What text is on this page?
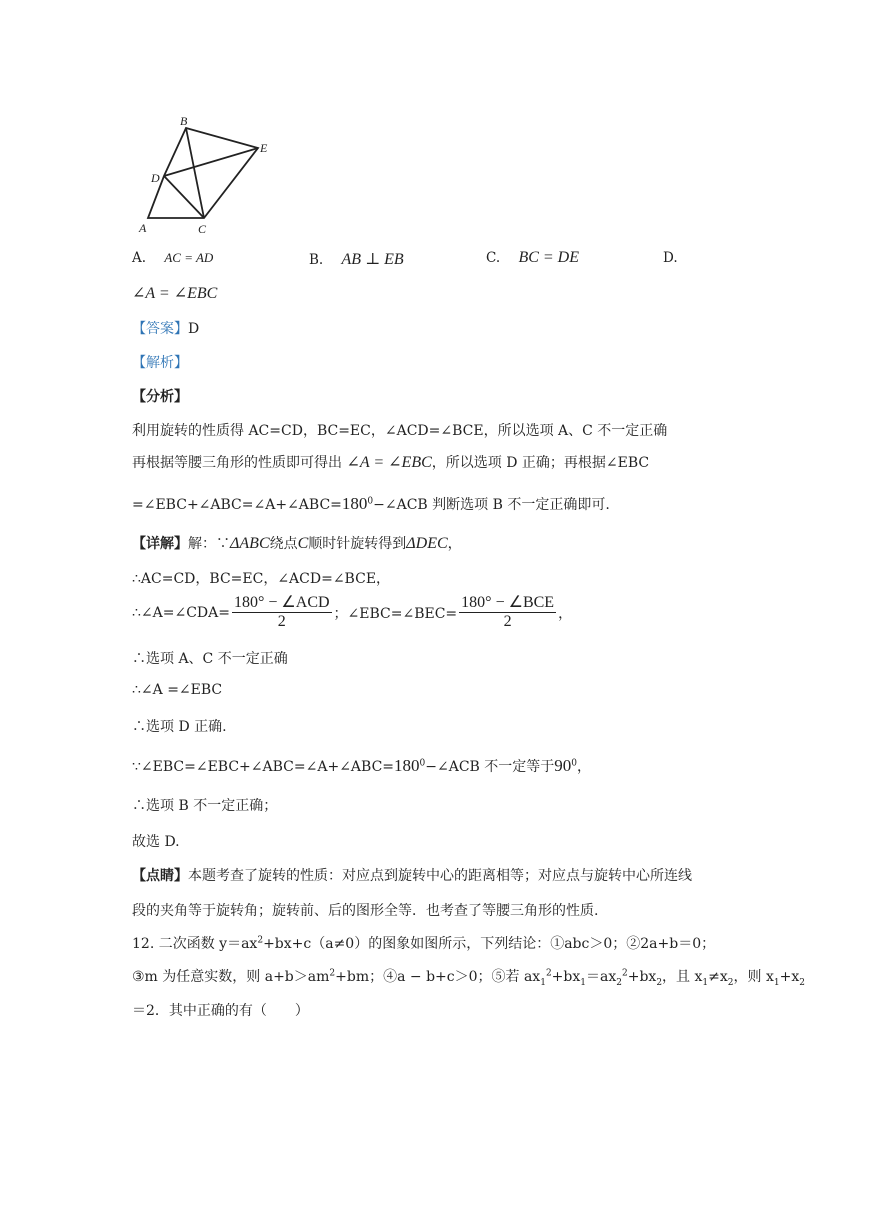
A
B
C
D
E
A. AC = AD	B. AB ⊥ EB	C. BC = DE	D.
∠A = ∠EBC
【答案】D
【解析】
【分析】
利用旋转的性质得 AC=CD，BC=EC，∠ACD=∠BCE，所以选项 A、C 不一定正确
再根据等腰三角形的性质即可得出 ∠A = ∠EBC，所以选项 D 正确；再根据∠EBC
$=\angle EBC+\angle ABC=\angle A+\angle ABC=180^0-\angle ACB$ 判断选项 B 不一定正确即可.
【详解】解：∵ΔABC绕点C顺时针旋转得到ΔDEC，
∴AC=CD，BC=EC，∠ACD=∠BCE，
∴∠A=∠CDA= $\frac{\text{180° − ∠ACD}}{2}$ ；∠EBC=∠BEC= $\frac{\text{180° − ∠BCE}}{2}$ ，
∴选项 A、C 不一定正确
∴∠A =∠EBC
∴选项 D 正确.
$\because\angle EBC=\angle EBC+\angle ABC=\angle A+\angle ABC=180^0-\angle ACB$ 不一定等于$90^0$，
∴选项 B 不一定正确；
故选 D.
【点睛】本题考查了旋转的性质：对应点到旋转中心的距离相等；对应点与旋转中心所连线
段的夹角等于旋转角；旋转前、后的图形全等．也考查了等腰三角形的性质.
12. 二次函数 $y=ax^2+bx+c(a\ne 0)$的图象如图所示，下列结论：①abc＞0；②2a+b＝0；
③m 为任意实数，则 $a+b>am^2+bm$；④a − b+c＞0；⑤若 $ax_1^2+bx_1=ax_2^2+bx_2$，且 $x_1\ne x_2$，则 $x_1+x_2$
＝2．其中正确的有（　　）
